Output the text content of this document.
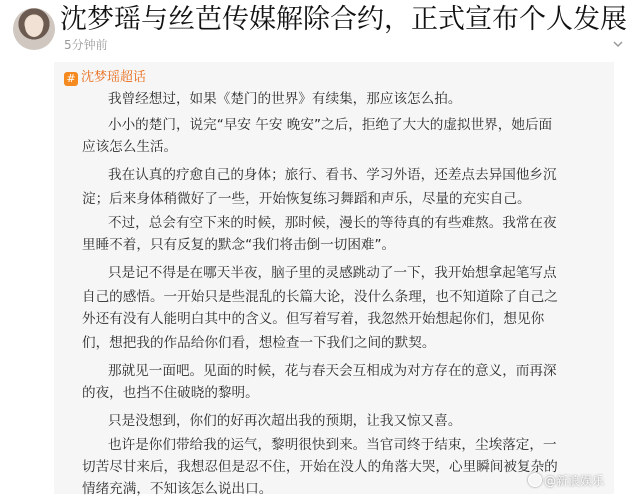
沈梦瑶与丝芭传媒解除合约，正式宣布个人发展
5分钟前
# 沈梦瑶超话
我曾经想过，如果《楚门的世界》有续集，那应该怎么拍。
小小的楚门，说完“早安 午安 晚安”之后，拒绝了大大的虚拟世界，她后面
应该怎么生活。
我在认真的疗愈自己的身体；旅行、看书、学习外语，还差点去异国他乡沉
淀；后来身体稍微好了一些，开始恢复练习舞蹈和声乐，尽量的充实自己。
不过，总会有空下来的时候，那时候，漫长的等待真的有些难熬。我常在夜
里睡不着，只有反复的默念“我们将击倒一切困难”。
只是记不得是在哪天半夜，脑子里的灵感跳动了一下，我开始想拿起笔写点
自己的感悟。一开始只是些混乱的长篇大论，没什么条理，也不知道除了自己之
外还有没有人能明白其中的含义。但写着写着，我忽然开始想起你们，想见你
们，想把我的作品给你们看，想检查一下我们之间的默契。
那就见一面吧。见面的时候，花与春天会互相成为对方存在的意义，而再深
的夜，也挡不住破晓的黎明。
只是没想到，你们的好再次超出我的预期，让我又惊又喜。
也许是你们带给我的运气，黎明很快到来。当官司终于结束，尘埃落定，一
切苦尽甘来后，我想忍但是忍不住，开始在没人的角落大哭，心里瞬间被复杂的
情绪充满，不知该怎么说出口。	@新浪娱乐
